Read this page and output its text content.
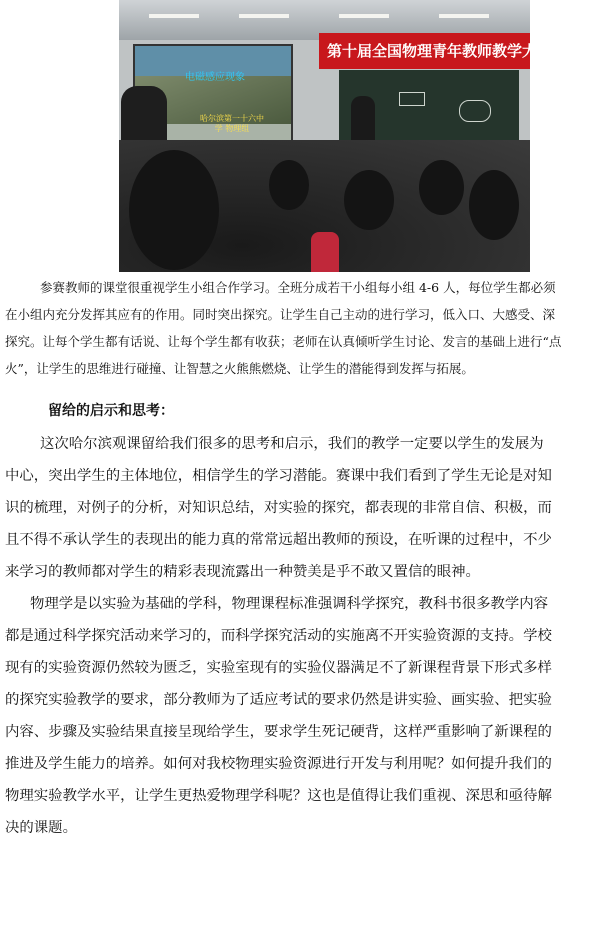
第十届全国物理青年教师教学大赛A赛场
电磁感应现象
哈尔滨第一十六中学 物理组
参赛教师的课堂很重视学生小组合作学习。全班分成若干小组每小组 4-6 人，每位学生都必须
在小组内充分发挥其应有的作用。同时突出探究。让学生自己主动的进行学习，低入口、大感受、深
探究。让每个学生都有话说、让每个学生都有收获；老师在认真倾听学生讨论、发言的基础上进行“点
火”，让学生的思维进行碰撞、让智慧之火熊熊燃烧、让学生的潜能得到发挥与拓展。
留给的启示和思考：
这次哈尔滨观课留给我们很多的思考和启示，我们的教学一定要以学生的发展为
中心，突出学生的主体地位，相信学生的学习潜能。赛课中我们看到了学生无论是对知
识的梳理，对例子的分析，对知识总结，对实验的探究，都表现的非常自信、积极，而
且不得不承认学生的表现出的能力真的常常远超出教师的预设，在听课的过程中，不少
来学习的教师都对学生的精彩表现流露出一种赞美是乎不敢又置信的眼神。
物理学是以实验为基础的学科，物理课程标准强调科学探究，教科书很多教学内容
都是通过科学探究活动来学习的，而科学探究活动的实施离不开实验资源的支持。学校
现有的实验资源仍然较为匮乏，实验室现有的实验仪器满足不了新课程背景下形式多样
的探究实验教学的要求，部分教师为了适应考试的要求仍然是讲实验、画实验、把实验
内容、步骤及实验结果直接呈现给学生，要求学生死记硬背，这样严重影响了新课程的
推进及学生能力的培养。如何对我校物理实验资源进行开发与利用呢？如何提升我们的
物理实验教学水平，让学生更热爱物理学科呢？这也是值得让我们重视、深思和亟待解
决的课题。
